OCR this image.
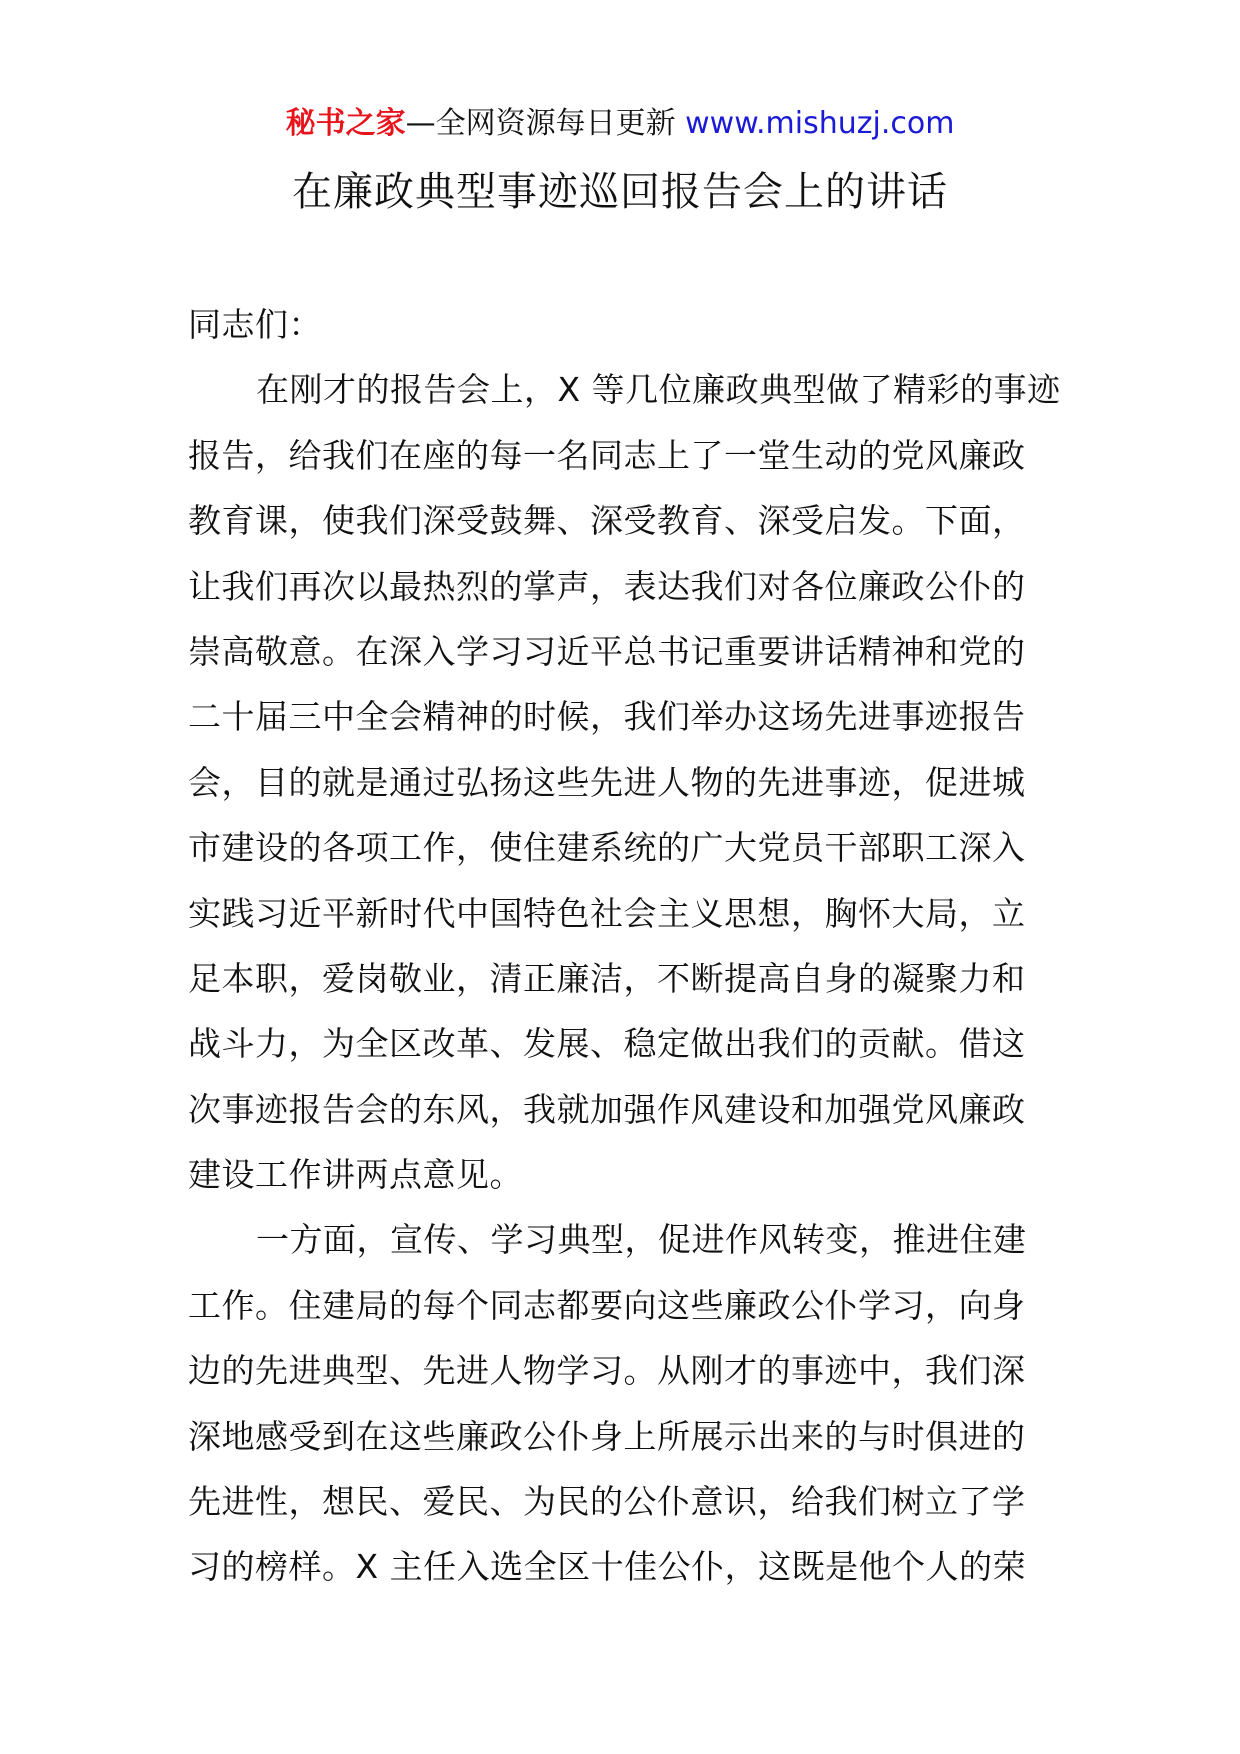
秘书之家—全网资源每日更新 www.mishuzj.com
在廉政典型事迹巡回报告会上的讲话
同志们：
在刚才的报告会上，X 等几位廉政典型做了精彩的事迹
报告，给我们在座的每一名同志上了一堂生动的党风廉政
教育课，使我们深受鼓舞、深受教育、深受启发。下面，
让我们再次以最热烈的掌声，表达我们对各位廉政公仆的
崇高敬意。在深入学习习近平总书记重要讲话精神和党的
二十届三中全会精神的时候，我们举办这场先进事迹报告
会，目的就是通过弘扬这些先进人物的先进事迹，促进城
市建设的各项工作，使住建系统的广大党员干部职工深入
实践习近平新时代中国特色社会主义思想，胸怀大局，立
足本职，爱岗敬业，清正廉洁，不断提高自身的凝聚力和
战斗力，为全区改革、发展、稳定做出我们的贡献。借这
次事迹报告会的东风，我就加强作风建设和加强党风廉政
建设工作讲两点意见。
一方面，宣传、学习典型，促进作风转变，推进住建
工作。住建局的每个同志都要向这些廉政公仆学习，向身
边的先进典型、先进人物学习。从刚才的事迹中，我们深
深地感受到在这些廉政公仆身上所展示出来的与时俱进的
先进性，想民、爱民、为民的公仆意识，给我们树立了学
习的榜样。X 主任入选全区十佳公仆，这既是他个人的荣
